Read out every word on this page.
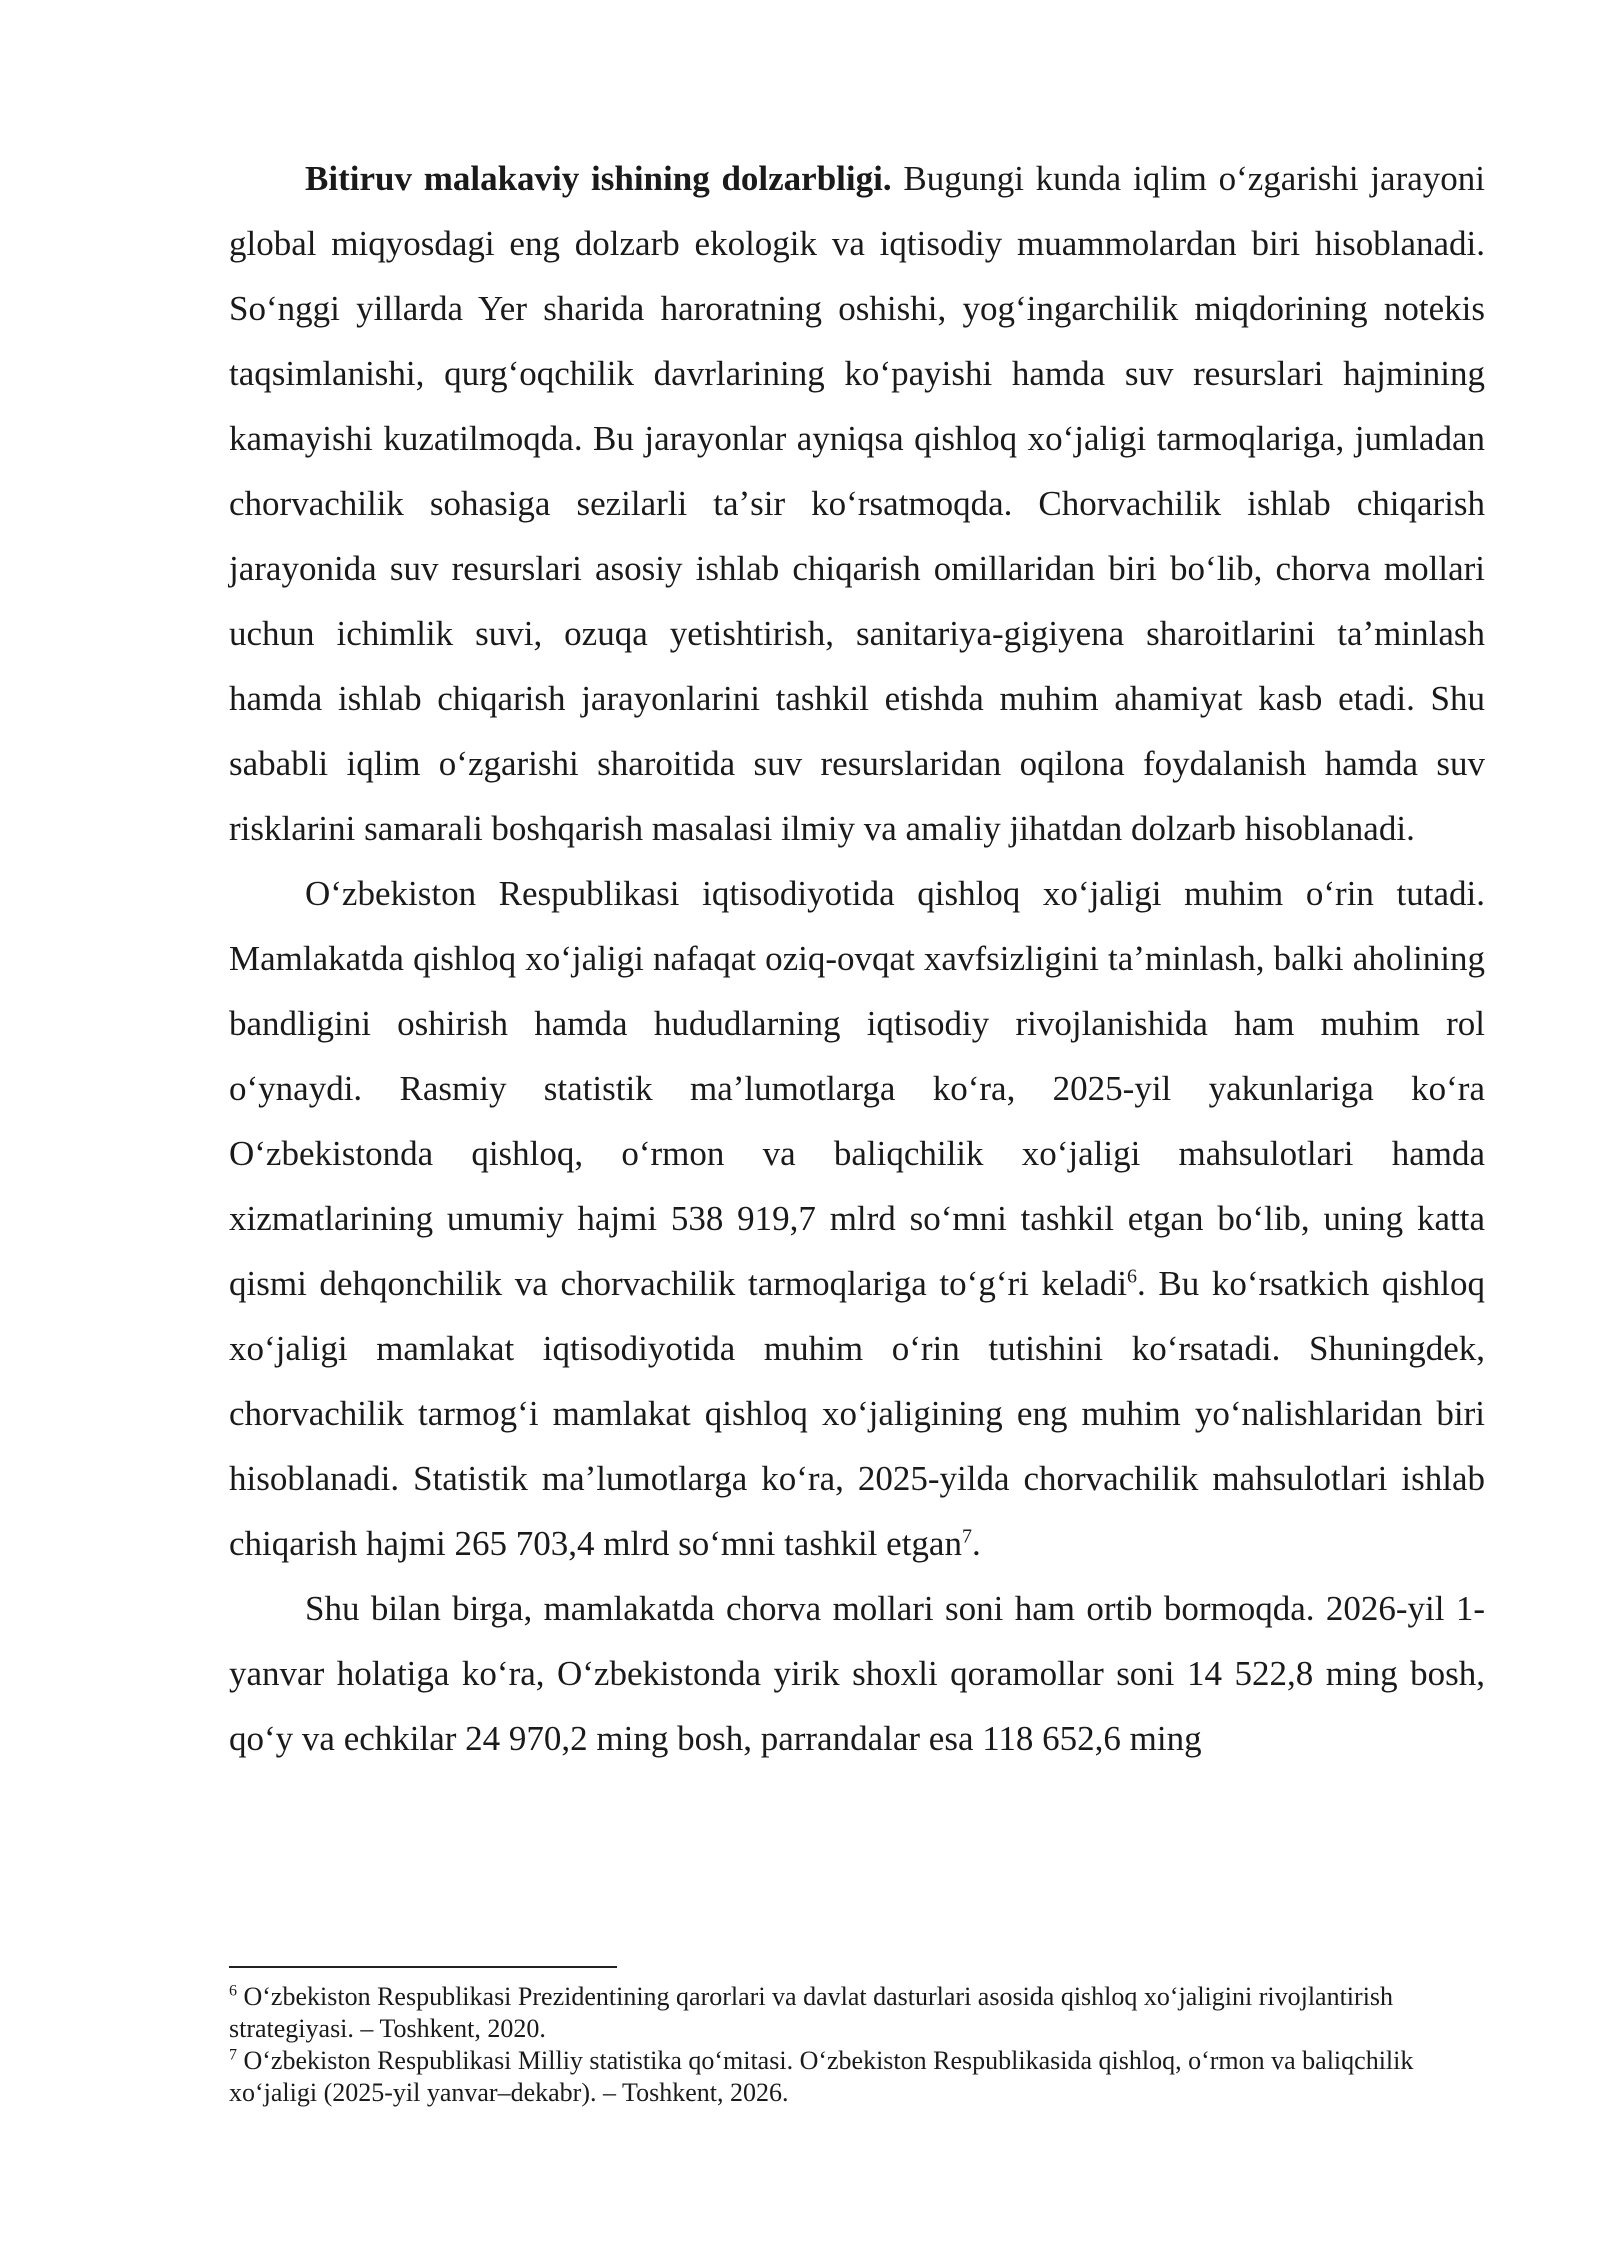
Bitiruv malakaviy ishining dolzarbligi. Bugungi kunda iqlim oʻzgarishi jarayoni global miqyosdagi eng dolzarb ekologik va iqtisodiy muammolardan biri hisoblanadi. Soʻnggi yillarda Yer sharida haroratning oshishi, yogʻingarchilik miqdorining notekis taqsimlanishi, qurgʻoqchilik davrlarining koʻpayishi hamda suv resurslari hajmining kamayishi kuzatilmoqda. Bu jarayonlar ayniqsa qishloq xoʻjaligi tarmoqlariga, jumladan chorvachilik sohasiga sezilarli taʼsir koʻrsatmoqda. Chorvachilik ishlab chiqarish jarayonida suv resurslari asosiy ishlab chiqarish omillaridan biri boʻlib, chorva mollari uchun ichimlik suvi, ozuqa yetishtirish, sanitariya-gigiyena sharoitlarini taʼminlash hamda ishlab chiqarish jarayonlarini tashkil etishda muhim ahamiyat kasb etadi. Shu sababli iqlim oʻzgarishi sharoitida suv resurslaridan oqilona foydalanish hamda suv risklarini samarali boshqarish masalasi ilmiy va amaliy jihatdan dolzarb hisoblanadi.

Oʻzbekiston Respublikasi iqtisodiyotida qishloq xoʻjaligi muhim oʻrin tutadi. Mamlakatda qishloq xoʻjaligi nafaqat oziq-ovqat xavfsizligini taʼminlash, balki aholining bandligini oshirish hamda hududlarning iqtisodiy rivojlanishida ham muhim rol oʻynaydi. Rasmiy statistik maʼlumotlarga koʻra, 2025-yil yakunlariga koʻra Oʻzbekistonda qishloq, oʻrmon va baliqchilik xoʻjaligi mahsulotlari hamda xizmatlarining umumiy hajmi 538 919,7 mlrd soʻmni tashkil etgan boʻlib, uning katta qismi dehqonchilik va chorvachilik tarmoqlariga toʻgʻri keladi$^6$. Bu koʻrsatkich qishloq xoʻjaligi mamlakat iqtisodiyotida muhim oʻrin tutishini koʻrsatadi. Shuningdek, chorvachilik tarmogʻi mamlakat qishloq xoʻjaligining eng muhim yoʻnalishlaridan biri hisoblanadi. Statistik maʼlumotlarga koʻra, 2025-yilda chorvachilik mahsulotlari ishlab chiqarish hajmi 265 703,4 mlrd soʻmni tashkil etgan$^7$.

Shu bilan birga, mamlakatda chorva mollari soni ham ortib bormoqda. 2026-yil 1-yanvar holatiga koʻra, Oʻzbekistonda yirik shoxli qoramollar soni 14 522,8 ming bosh, qoʻy va echkilar 24 970,2 ming bosh, parrandalar esa 118 652,6 ming

$^6$ Oʻzbekiston Respublikasi Prezidentining qarorlari va davlat dasturlari asosida qishloq xoʻjaligini rivojlantirish strategiyasi. – Toshkent, 2020.

$^7$ Oʻzbekiston Respublikasi Milliy statistika qoʻmitasi. Oʻzbekiston Respublikasida qishloq, oʻrmon va baliqchilik xoʻjaligi (2025-yil yanvar–dekabr). – Toshkent, 2026.
